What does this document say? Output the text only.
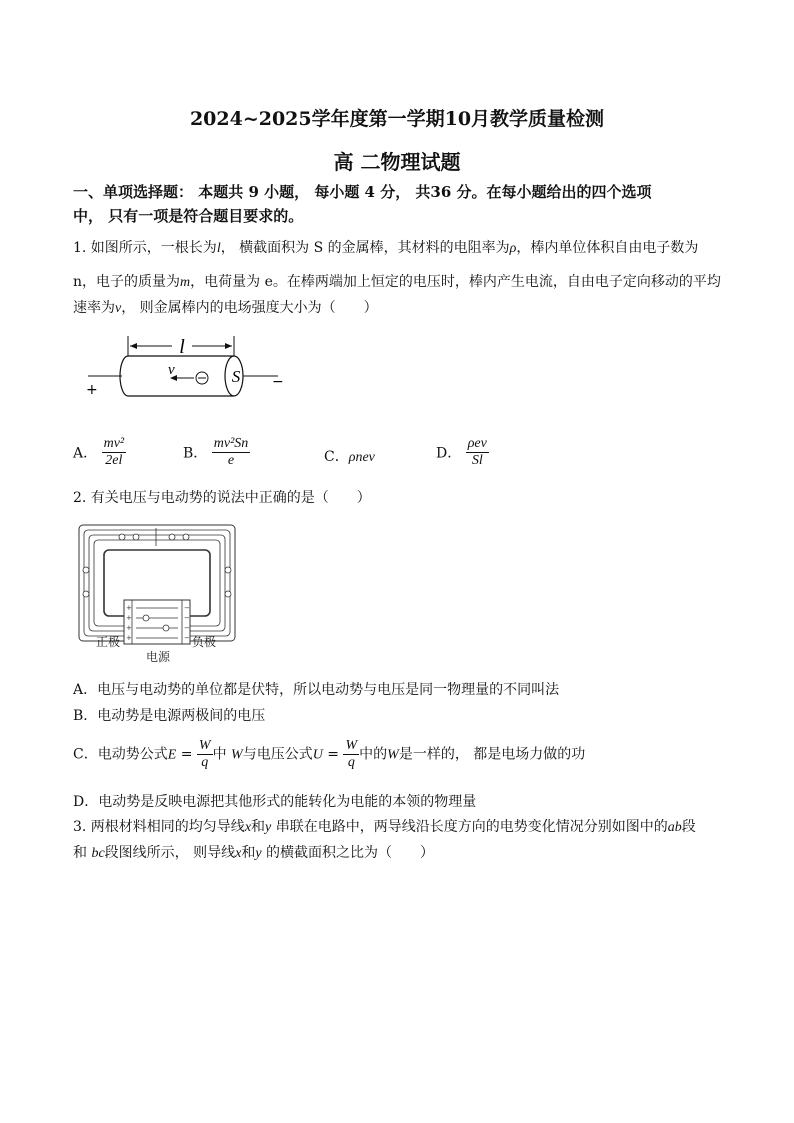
2024~2025学年度第一学期10月教学质量检测
高 二物理试题
一、单项选择题： 本题共 9 小题， 每小题 4 分， 共36 分。在每小题给出的四个选项
中， 只有一项是符合题目要求的。
1. 如图所示，一根长为l， 横截面积为 S 的金属棒，其材料的电阻率为ρ，棒内单位体积自由电子数为
n，电子的质量为m，电荷量为 e。在棒两端加上恒定的电压时，棒内产生电流，自由电子定向移动的平均
速率为v， 则金属棒内的电场强度大小为（　　）
l
S
v
+	−
A． $\frac{\text{mv²}}{2el}$	B． $\frac{\text{mv²Sn}}{e}$	C．ρnev	D． $\frac{\text{ρev}}{Sl}$
2. 有关电压与电动势的说法中正确的是（　　）
+
+
+
+
−
−
−
−
正极	负极
电源
A．电压与电动势的单位都是伏特，所以电动势与电压是同一物理量的不同叫法
B．电动势是电源两极间的电压
C．电动势公式$E = \frac{W}{q}$ 中 W与电压公式$U = \frac{W}{q}$ 中的W是一样的， 都是电场力做的功
D．电动势是反映电源把其他形式的能转化为电能的本领的物理量
3. 两根材料相同的均匀导线x和y 串联在电路中，两导线沿长度方向的电势变化情况分别如图中的ab段
和 bc段图线所示， 则导线x和y 的横截面积之比为（　　）
